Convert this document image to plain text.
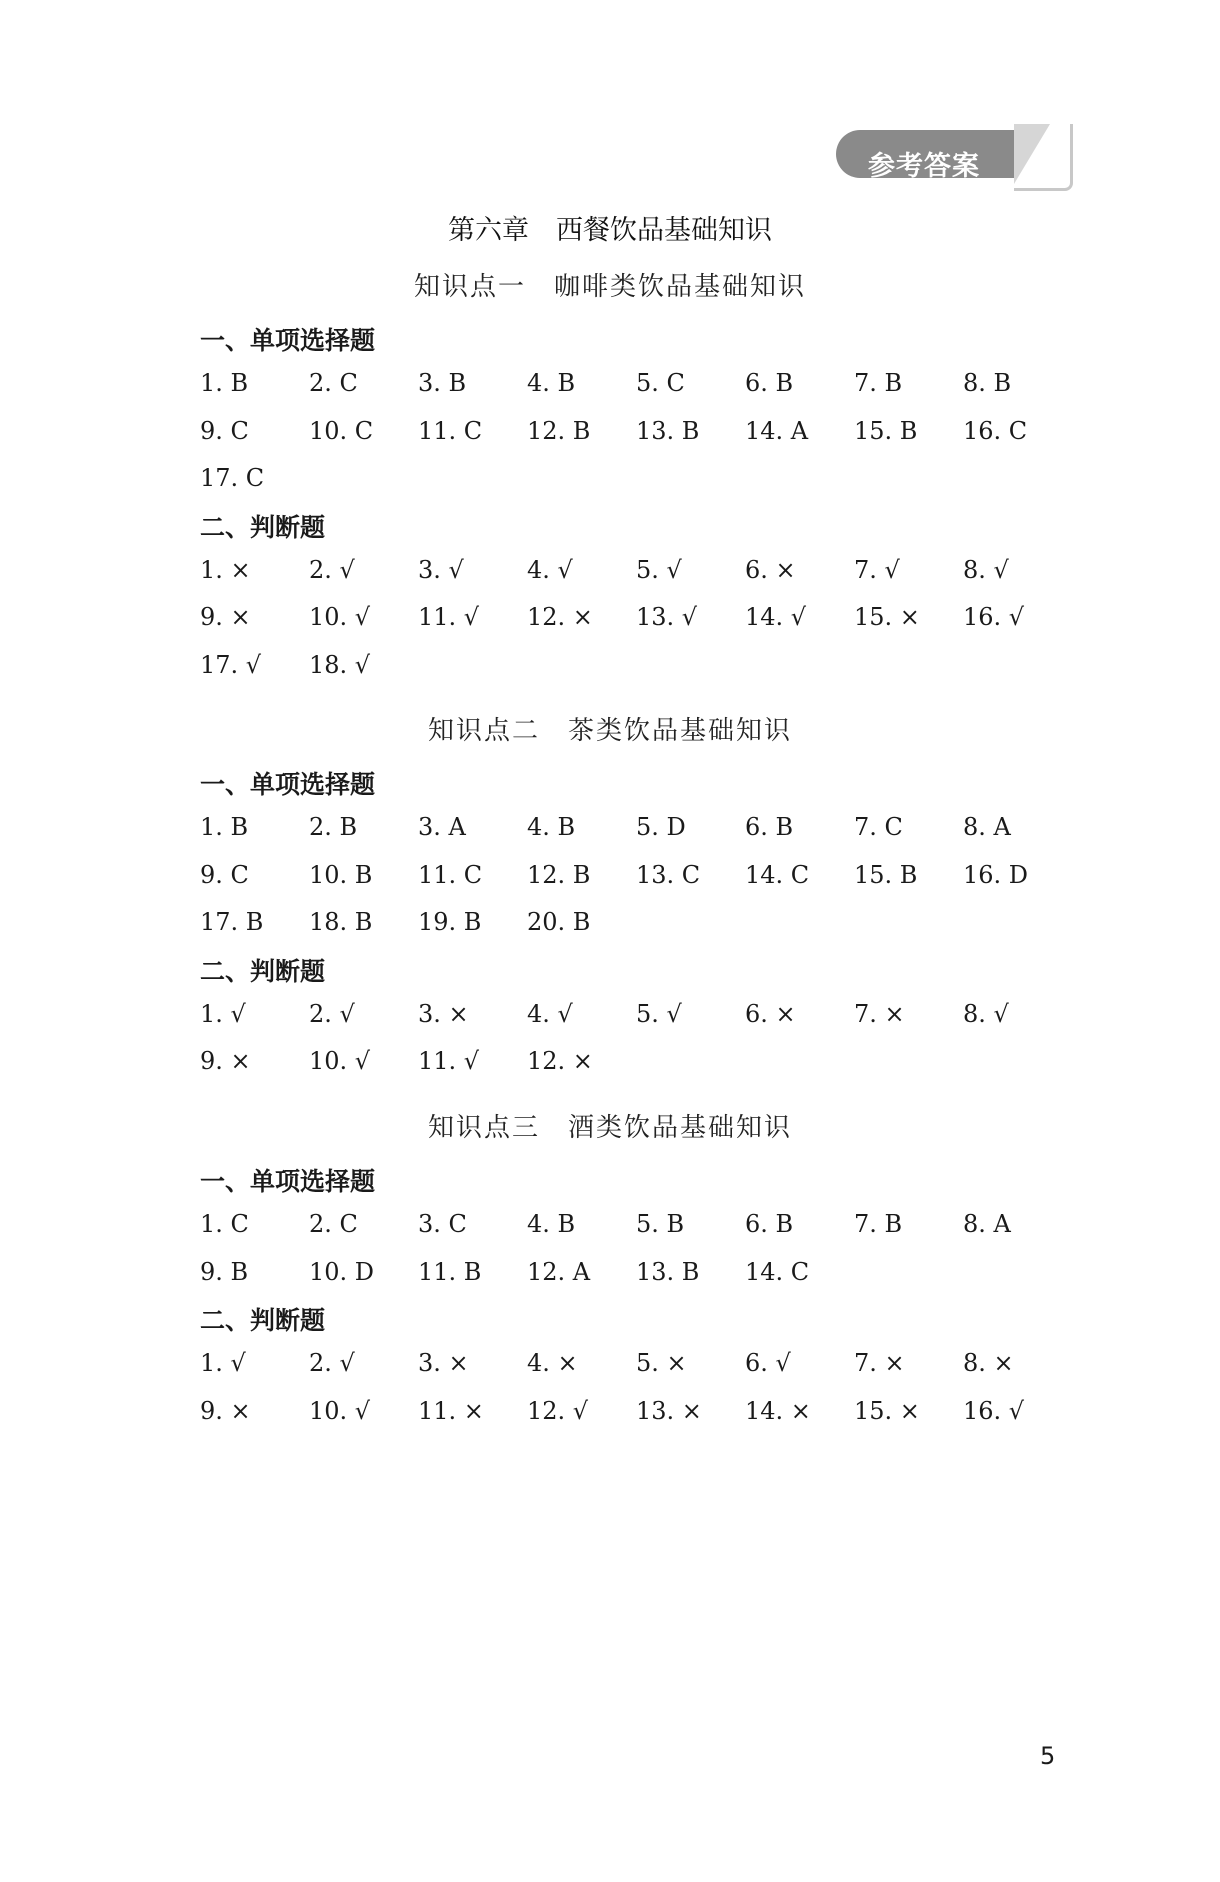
参考答案
第六章　西餐饮品基础知识
知识点一　咖啡类饮品基础知识
一、单项选择题
1. B	2. C	3. B	4. B	5. C	6. B	7. B	8. B
9. C	10. C 11. C 12. B 13. B 14. A 15. B 16. C
17. C
二、判断题
1. × 2. √	3. √	4. √	5. √	6. × 7. √	8. √
9. × 10. √ 11. √ 12. × 13. √ 14. √ 15. × 16. √
17. √ 18. √
知识点二　茶类饮品基础知识
一、单项选择题
1. B	2. B	3. A	4. B	5. D 6. B	7. C	8. A
9. C	10. B 11. C 12. B 13. C 14. C 15. B 16. D
17. B 18. B 19. B 20. B
二、判断题
1. √	2. √	3. × 4. √	5. √	6. × 7. × 8. √
9. × 10. √ 11. √ 12. ×
知识点三　酒类饮品基础知识
一、单项选择题
1. C	2. C	3. C	4. B	5. B	6. B	7. B	8. A
9. B	10. D 11. B 12. A 13. B 14. C
二、判断题
1. √	2. √	3. × 4. × 5. × 6. √	7. × 8. ×
9. × 10. √ 11. × 12. √ 13. × 14. × 15. × 16. √
5
